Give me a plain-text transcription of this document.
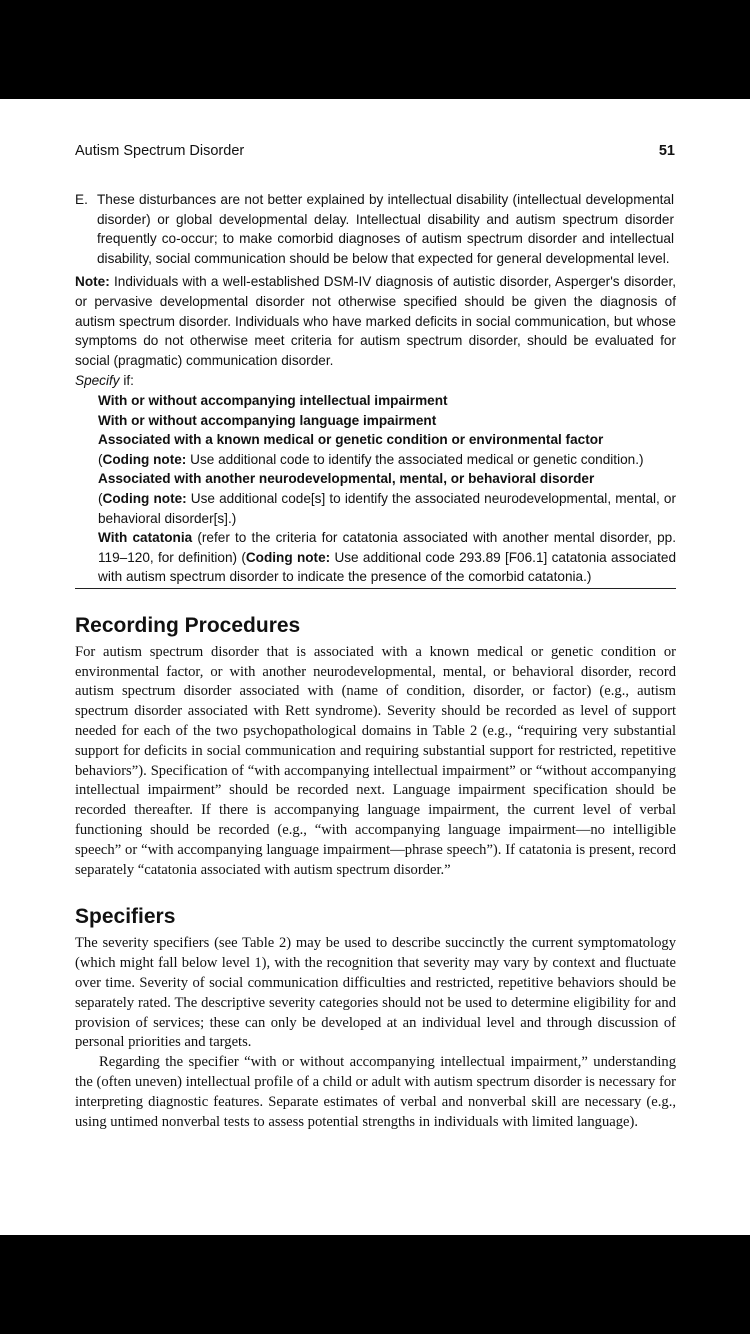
Autism Spectrum Disorder	51
E. These disturbances are not better explained by intellectual disability (intellectual developmental disorder) or global developmental delay. Intellectual disability and autism spectrum disorder frequently co-occur; to make comorbid diagnoses of autism spectrum disorder and intellectual disability, social communication should be below that expected for general developmental level.

Note: Individuals with a well-established DSM-IV diagnosis of autistic disorder, Asperger's disorder, or pervasive developmental disorder not otherwise specified should be given the diagnosis of autism spectrum disorder. Individuals who have marked deficits in social communication, but whose symptoms do not otherwise meet criteria for autism spectrum disorder, should be evaluated for social (pragmatic) communication disorder.

Specify if:

With or without accompanying intellectual impairment

With or without accompanying language impairment

Associated with a known medical or genetic condition or environmental factor
(Coding note: Use additional code to identify the associated medical or genetic condition.)

Associated with another neurodevelopmental, mental, or behavioral disorder
(Coding note: Use additional code[s] to identify the associated neurodevelopmental, mental, or behavioral disorder[s].)

With catatonia (refer to the criteria for catatonia associated with another mental disorder, pp. 119–120, for definition) (Coding note: Use additional code 293.89 [F06.1] catatonia associated with autism spectrum disorder to indicate the presence of the comorbid catatonia.)

Recording Procedures

For autism spectrum disorder that is associated with a known medical or genetic condition or environmental factor, or with another neurodevelopmental, mental, or behavioral disorder, record autism spectrum disorder associated with (name of condition, disorder, or factor) (e.g., autism spectrum disorder associated with Rett syndrome). Severity should be recorded as level of support needed for each of the two psychopathological domains in Table 2 (e.g., “requiring very substantial support for deficits in social communication and requiring substantial support for restricted, repetitive behaviors”). Specification of “with accompanying intellectual impairment” or “without accompanying intellectual impairment” should be recorded next. Language impairment specification should be recorded thereafter. If there is accompanying language impairment, the current level of verbal functioning should be recorded (e.g., “with accompanying language impairment—no intelligible speech” or “with accompanying language impairment—phrase speech”). If catatonia is present, record separately “catatonia associated with autism spectrum disorder.”

Specifiers

The severity specifiers (see Table 2) may be used to describe succinctly the current symptomatology (which might fall below level 1), with the recognition that severity may vary by context and fluctuate over time. Severity of social communication difficulties and restricted, repetitive behaviors should be separately rated. The descriptive severity categories should not be used to determine eligibility for and provision of services; these can only be developed at an individual level and through discussion of personal priorities and targets.

Regarding the specifier “with or without accompanying intellectual impairment,” understanding the (often uneven) intellectual profile of a child or adult with autism spectrum disorder is necessary for interpreting diagnostic features. Separate estimates of verbal and nonverbal skill are necessary (e.g., using untimed nonverbal tests to assess potential strengths in individuals with limited language).
